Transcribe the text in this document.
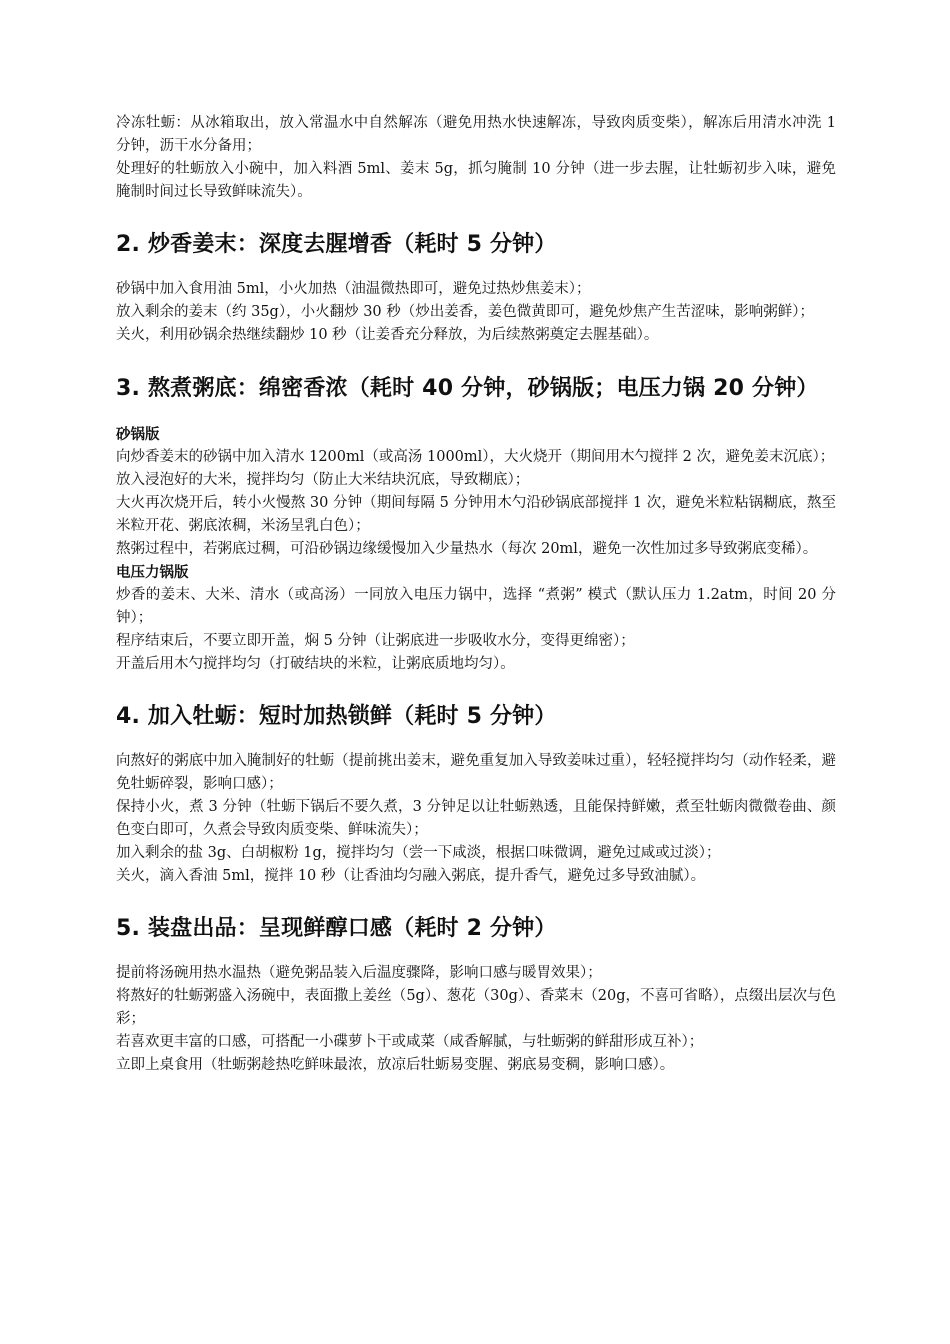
冷冻牡蛎：从冰箱取出，放入常温水中自然解冻（避免用热水快速解冻，导致肉质变柴），解冻后用清水冲洗 1 分钟，沥干水分备用；

处理好的牡蛎放入小碗中，加入料酒 5ml、姜末 5g，抓匀腌制 10 分钟（进一步去腥，让牡蛎初步入味，避免腌制时间过长导致鲜味流失）。

2. 炒香姜末：深度去腥增香（耗时 5 分钟）

砂锅中加入食用油 5ml，小火加热（油温微热即可，避免过热炒焦姜末）；

放入剩余的姜末（约 35g），小火翻炒 30 秒（炒出姜香，姜色微黄即可，避免炒焦产生苦涩味，影响粥鲜）；

关火，利用砂锅余热继续翻炒 10 秒（让姜香充分释放，为后续熬粥奠定去腥基础）。

3. 熬煮粥底：绵密香浓（耗时 40 分钟，砂锅版；电压力锅 20 分钟）

砂锅版

向炒香姜末的砂锅中加入清水 1200ml（或高汤 1000ml），大火烧开（期间用木勺搅拌 2 次，避免姜末沉底）；

放入浸泡好的大米，搅拌均匀（防止大米结块沉底，导致糊底）；

大火再次烧开后，转小火慢熬 30 分钟（期间每隔 5 分钟用木勺沿砂锅底部搅拌 1 次，避免米粒粘锅糊底，熬至米粒开花、粥底浓稠，米汤呈乳白色）；

熬粥过程中，若粥底过稠，可沿砂锅边缘缓慢加入少量热水（每次 20ml，避免一次性加过多导致粥底变稀）。

电压力锅版

炒香的姜末、大米、清水（或高汤）一同放入电压力锅中，选择 “煮粥” 模式（默认压力 1.2atm，时间 20 分钟）；

程序结束后，不要立即开盖，焖 5 分钟（让粥底进一步吸收水分，变得更绵密）；

开盖后用木勺搅拌均匀（打破结块的米粒，让粥底质地均匀）。

4. 加入牡蛎：短时加热锁鲜（耗时 5 分钟）

向熬好的粥底中加入腌制好的牡蛎（提前挑出姜末，避免重复加入导致姜味过重），轻轻搅拌均匀（动作轻柔，避免牡蛎碎裂，影响口感）；

保持小火，煮 3 分钟（牡蛎下锅后不要久煮，3 分钟足以让牡蛎熟透，且能保持鲜嫩，煮至牡蛎肉微微卷曲、颜色变白即可，久煮会导致肉质变柴、鲜味流失）；

加入剩余的盐 3g、白胡椒粉 1g，搅拌均匀（尝一下咸淡，根据口味微调，避免过咸或过淡）；

关火，滴入香油 5ml，搅拌 10 秒（让香油均匀融入粥底，提升香气，避免过多导致油腻）。

5. 装盘出品：呈现鲜醇口感（耗时 2 分钟）

提前将汤碗用热水温热（避免粥品装入后温度骤降，影响口感与暖胃效果）；

将熬好的牡蛎粥盛入汤碗中，表面撒上姜丝（5g）、葱花（30g）、香菜末（20g，不喜可省略），点缀出层次与色彩；

若喜欢更丰富的口感，可搭配一小碟萝卜干或咸菜（咸香解腻，与牡蛎粥的鲜甜形成互补）；

立即上桌食用（牡蛎粥趁热吃鲜味最浓，放凉后牡蛎易变腥、粥底易变稠，影响口感）。
